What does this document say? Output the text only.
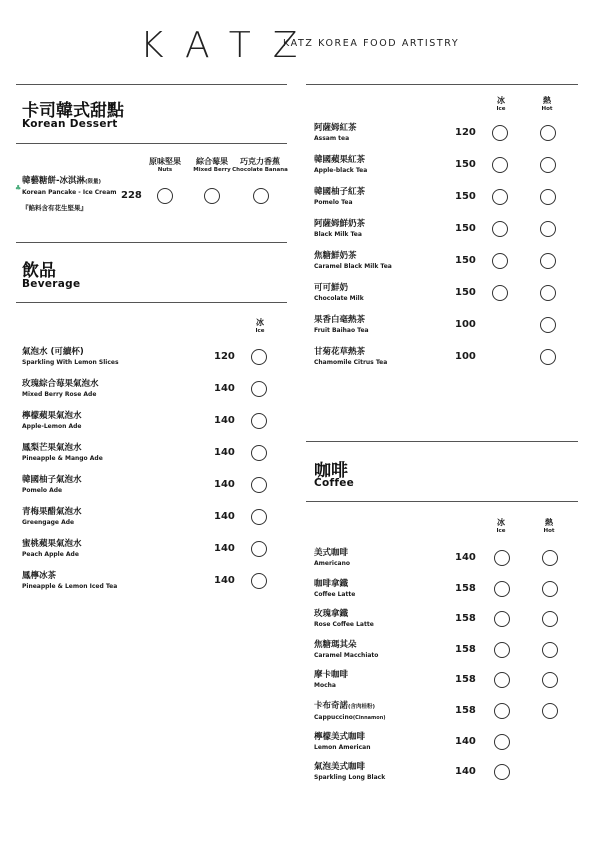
KATZ
KATZ KOREA FOOD ARTISTRY
卡司韓式甜點
Korean Dessert
原味堅果
Nuts
綜合莓果
Mixed Berry
巧克力香蕉
Chocolate Banana
♣
韓藝糖餅-冰淇淋(限量)
Korean Pancake - Ice Cream
『餡料含有花生堅果』
228
飲品
Beverage
冰
Ice
氣泡水 (可續杯)
Sparkling With Lemon Slices
120
玫瑰綜合莓果氣泡水
Mixed Berry Rose Ade
140
檸檬蘋果氣泡水
Apple-Lemon Ade
140
鳳梨芒果氣泡水
Pineapple & Mango Ade
140
韓國柚子氣泡水
Pomelo Ade
140
青梅果醋氣泡水
Greengage Ade
140
蜜桃蘋果氣泡水
Peach Apple Ade
140
鳳檸冰茶
Pineapple & Lemon Iced Tea
140
冰
Ice
熱
Hot
阿薩姆紅茶
Assam tea
120
韓國蘋果紅茶
Apple-black Tea
150
韓國柚子紅茶
Pomelo Tea
150
阿薩姆鮮奶茶
Black Milk Tea
150
焦糖鮮奶茶
Caramel Black Milk Tea
150
可可鮮奶
Chocolate Milk
150
果香白毫熱茶
Fruit Baihao Tea
100
甘菊花草熱茶
Chamomile Citrus Tea
100
咖啡
Coffee
冰
Ice
熱
Hot
美式咖啡
Americano
140
咖啡拿鐵
Coffee Latte
158
玫瑰拿鐵
Rose Coffee Latte
158
焦糖瑪其朵
Caramel Macchiato
158
摩卡咖啡
Mocha
158
卡布奇諾(含肉桂粉)
Cappuccino(Cinnamon)
158
檸檬美式咖啡
Lemon American
140
氣泡美式咖啡
Sparkling Long Black
140
